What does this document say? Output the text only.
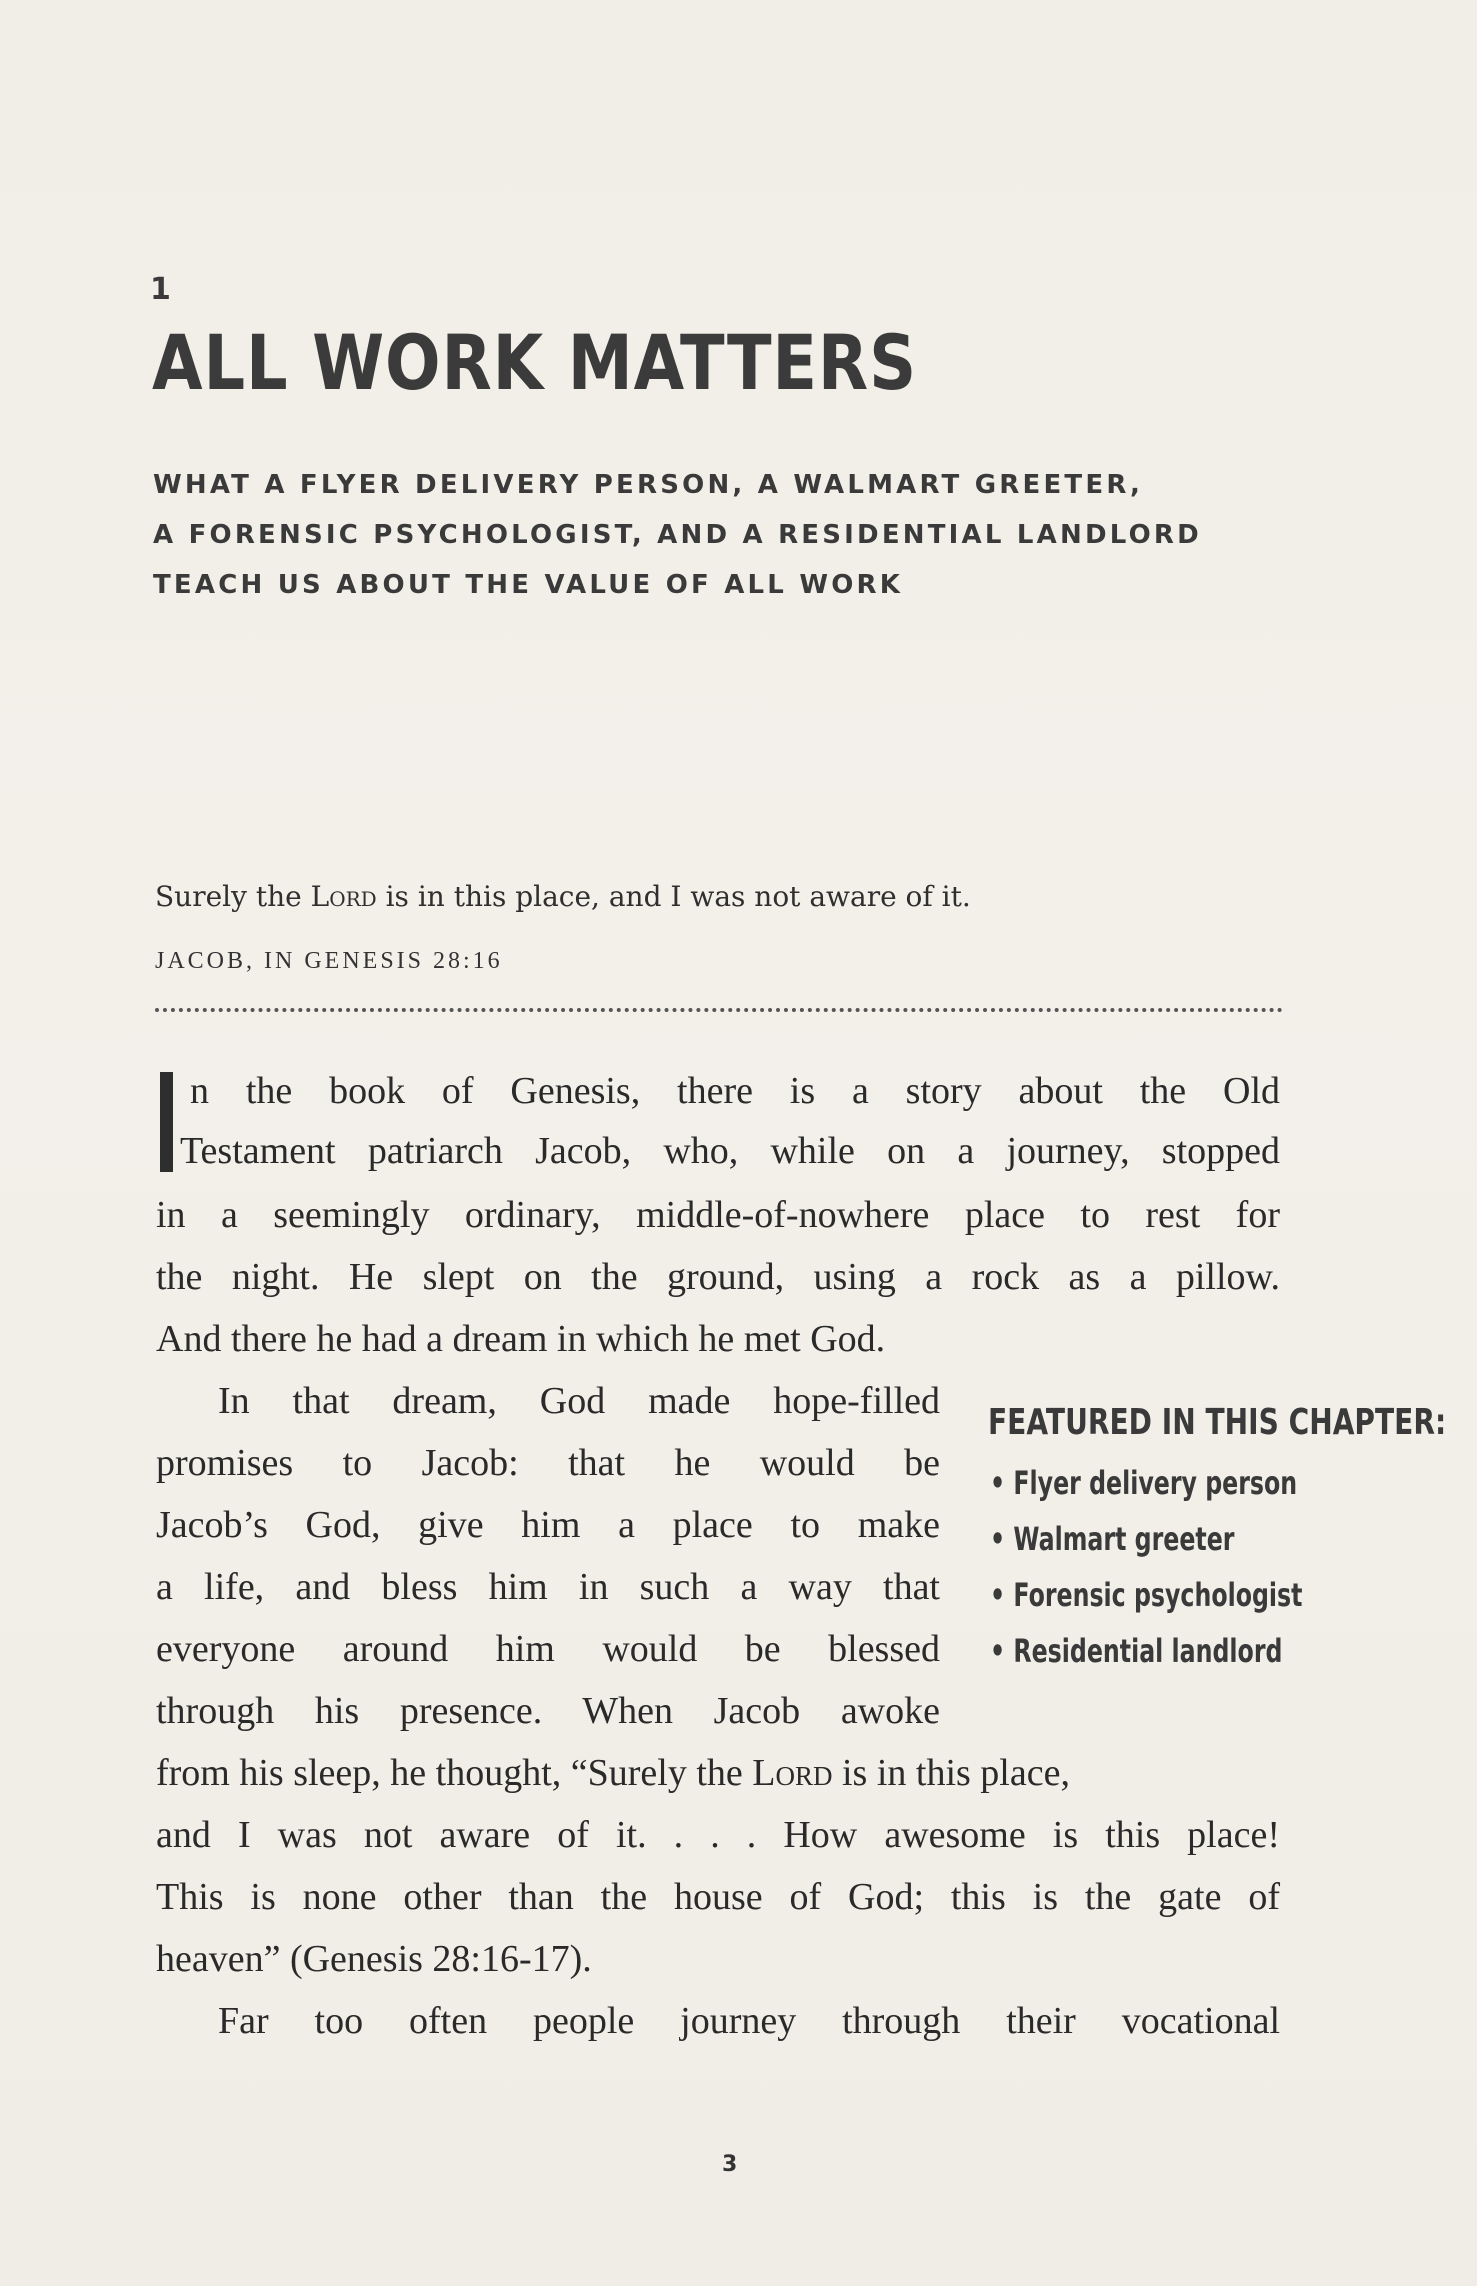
1
ALL WORK MATTERS
WHAT A FLYER DELIVERY PERSON, A WALMART GREETER,
A FORENSIC PSYCHOLOGIST, AND A RESIDENTIAL LANDLORD
TEACH US ABOUT THE VALUE OF ALL WORK
Surely the Lord is in this place, and I was not aware of it.
JACOB, IN GENESIS 28:16
n the book of Genesis, there is a story about the Old
Testament patriarch Jacob, who, while on a journey, stopped
in a seemingly ordinary, middle-of-nowhere place to rest for
the night. He slept on the ground, using a rock as a pillow.
And there he had a dream in which he met God.
In that dream, God made hope-filled
promises to Jacob: that he would be
Jacob’s God, give him a place to make
a life, and bless him in such a way that
everyone around him would be blessed
through his presence. When Jacob awoke
from his sleep, he thought, “Surely the Lord is in this place,
and I was not aware of it. . . . How awesome is this place!
This is none other than the house of God; this is the gate of
heaven” (Genesis 28:16-17).
Far too often people journey through their vocational
FEATURED IN THIS CHAPTER:
• Flyer delivery person
• Walmart greeter
• Forensic psychologist
• Residential landlord
3
